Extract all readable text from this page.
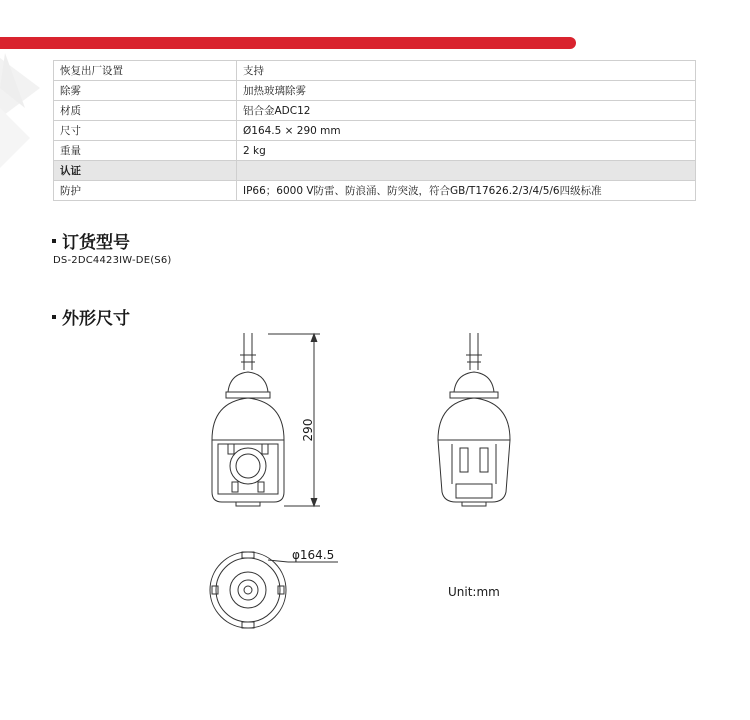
恢复出厂设置	支持
除雾	加热玻璃除雾
材质	铝合金ADC12
尺寸	Ø164.5 × 290 mm
重量	2 kg
认证	
防护	IP66；6000 V防雷、防浪涌、防突波，符合GB/T17626.2/3/4/5/6四级标准
订货型号
DS-2DC4423IW-DE(S6)
外形尺寸
290
φ164.5
Unit:mm
